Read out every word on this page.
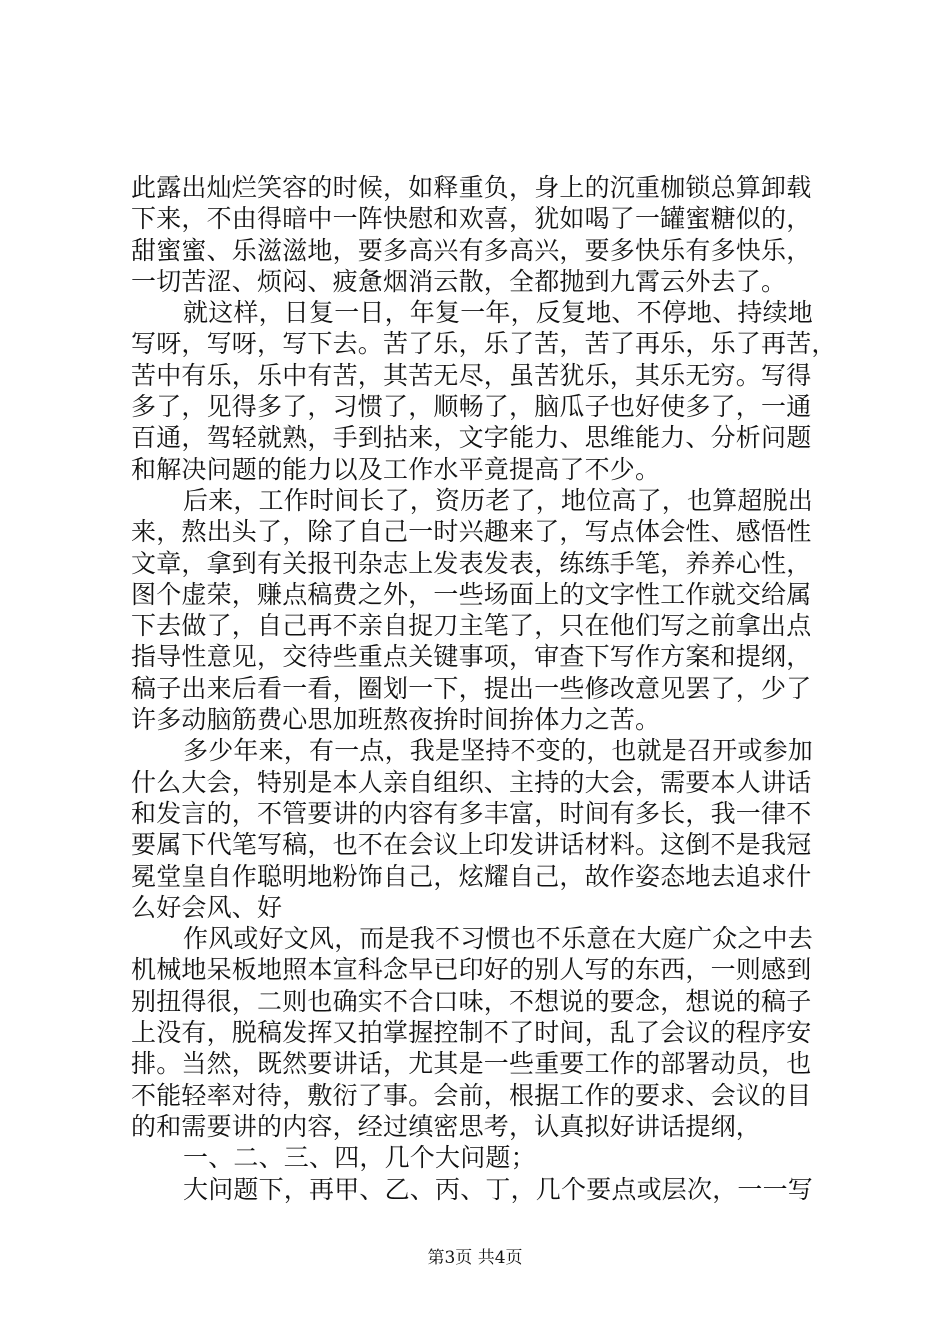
此露出灿烂笑容的时候，如释重负，身上的沉重枷锁总算卸载
下来，不由得暗中一阵快慰和欢喜，犹如喝了一罐蜜糖似的，
甜蜜蜜、乐滋滋地，要多高兴有多高兴，要多快乐有多快乐，
一切苦涩、烦闷、疲惫烟消云散，全都抛到九霄云外去了。

就这样，日复一日，年复一年，反复地、不停地、持续地
写呀，写呀，写下去。苦了乐，乐了苦，苦了再乐，乐了再苦，
苦中有乐，乐中有苦，其苦无尽，虽苦犹乐，其乐无穷。写得
多了，见得多了，习惯了，顺畅了，脑瓜子也好使多了，一通
百通，驾轻就熟，手到拈来，文字能力、思维能力、分析问题
和解决问题的能力以及工作水平竟提高了不少。

后来，工作时间长了，资历老了，地位高了，也算超脱出
来，熬出头了，除了自己一时兴趣来了，写点体会性、感悟性
文章，拿到有关报刊杂志上发表发表，练练手笔，养养心性，
图个虚荣，赚点稿费之外，一些场面上的文字性工作就交给属
下去做了，自己再不亲自捉刀主笔了，只在他们写之前拿出点
指导性意见，交待些重点关键事项，审查下写作方案和提纲，
稿子出来后看一看，圈划一下，提出一些修改意见罢了，少了
许多动脑筋费心思加班熬夜拚时间拚体力之苦。

多少年来，有一点，我是坚持不变的，也就是召开或参加
什么大会，特别是本人亲自组织、主持的大会，需要本人讲话
和发言的，不管要讲的内容有多丰富，时间有多长，我一律不
要属下代笔写稿，也不在会议上印发讲话材料。这倒不是我冠
冕堂皇自作聪明地粉饰自己，炫耀自己，故作姿态地去追求什
么好会风、好

作风或好文风，而是我不习惯也不乐意在大庭广众之中去
机械地呆板地照本宣科念早已印好的别人写的东西，一则感到
别扭得很，二则也确实不合口味，不想说的要念，想说的稿子
上没有，脱稿发挥又拍掌握控制不了时间，乱了会议的程序安
排。当然，既然要讲话，尤其是一些重要工作的部署动员，也
不能轻率对待，敷衍了事。会前，根据工作的要求、会议的目
的和需要讲的内容，经过缜密思考，认真拟好讲话提纲，

一、二、三、四，几个大问题；

大问题下，再甲、乙、丙、丁，几个要点或层次，一一写

第3页 共4页
